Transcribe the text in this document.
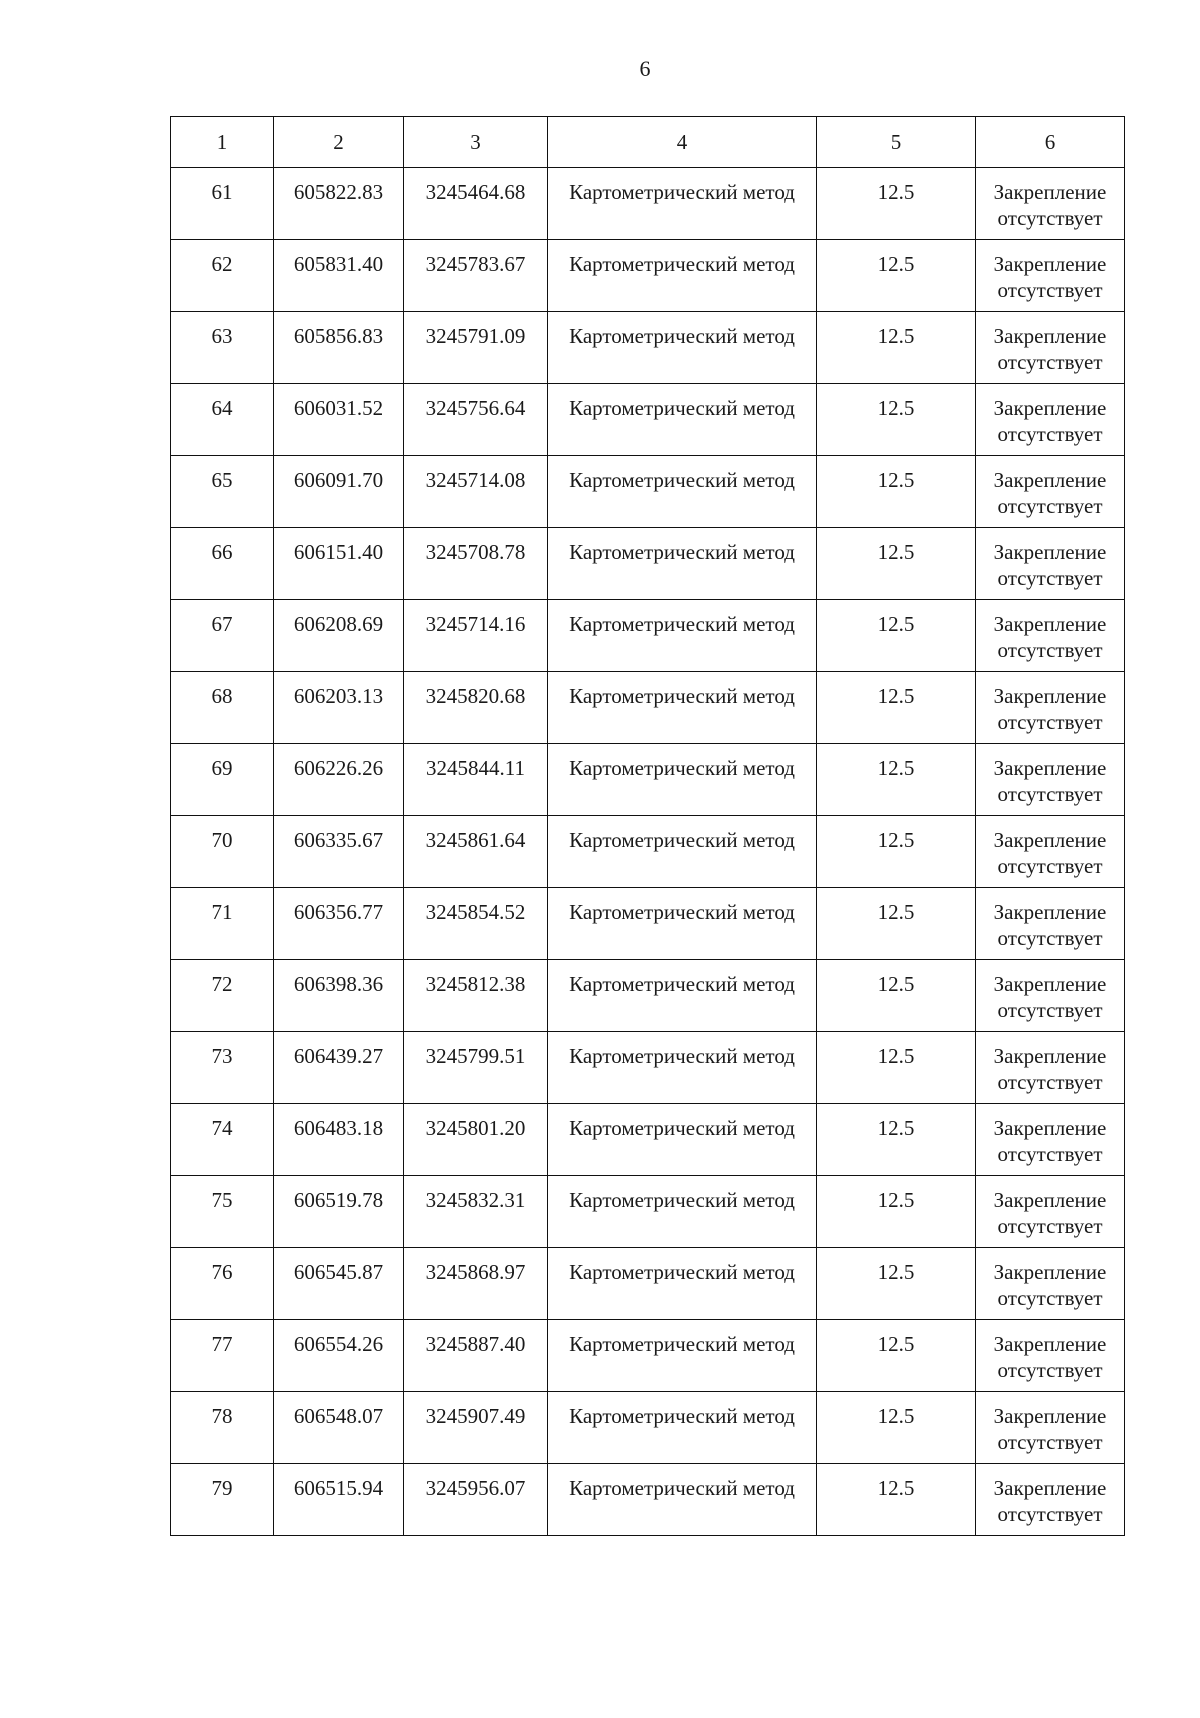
6
1	2	3	4	5	6
61	605822.83	3245464.68	Картометрический метод	12.5	Закрепление
отсутствует

62	605831.40	3245783.67	Картометрический метод	12.5	Закрепление
отсутствует

63	605856.83	3245791.09	Картометрический метод	12.5	Закрепление
отсутствует

64	606031.52	3245756.64	Картометрический метод	12.5	Закрепление
отсутствует

65	606091.70	3245714.08	Картометрический метод	12.5	Закрепление
отсутствует

66	606151.40	3245708.78	Картометрический метод	12.5	Закрепление
отсутствует

67	606208.69	3245714.16	Картометрический метод	12.5	Закрепление
отсутствует

68	606203.13	3245820.68	Картометрический метод	12.5	Закрепление
отсутствует

69	606226.26	3245844.11	Картометрический метод	12.5	Закрепление
отсутствует

70	606335.67	3245861.64	Картометрический метод	12.5	Закрепление
отсутствует

71	606356.77	3245854.52	Картометрический метод	12.5	Закрепление
отсутствует

72	606398.36	3245812.38	Картометрический метод	12.5	Закрепление
отсутствует

73	606439.27	3245799.51	Картометрический метод	12.5	Закрепление
отсутствует

74	606483.18	3245801.20	Картометрический метод	12.5	Закрепление
отсутствует

75	606519.78	3245832.31	Картометрический метод	12.5	Закрепление
отсутствует

76	606545.87	3245868.97	Картометрический метод	12.5	Закрепление
отсутствует

77	606554.26	3245887.40	Картометрический метод	12.5	Закрепление
отсутствует

78	606548.07	3245907.49	Картометрический метод	12.5	Закрепление
отсутствует

79	606515.94	3245956.07	Картометрический метод	12.5	Закрепление
отсутствует
